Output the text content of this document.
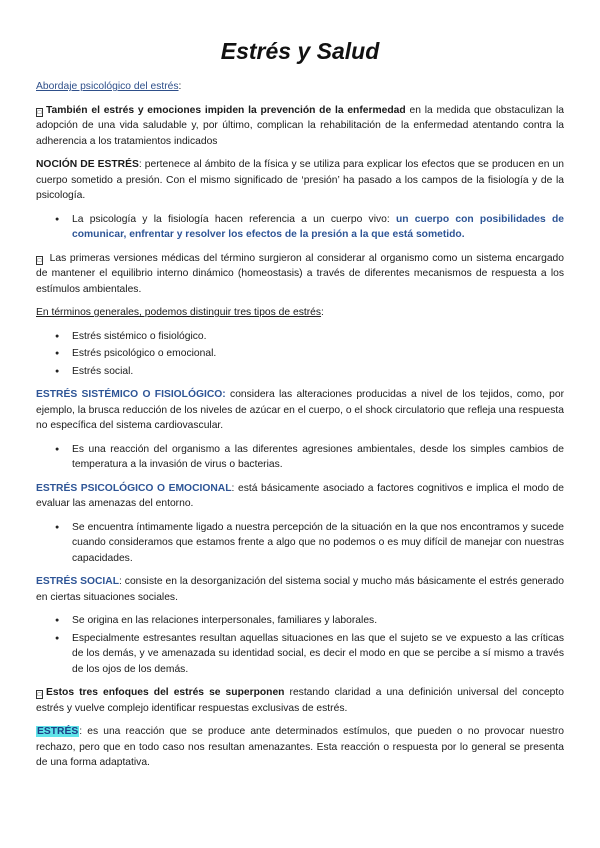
Estrés y Salud

Abordaje psicológico del estrés:

□ También el estrés y emociones impiden la prevención de la enfermedad en la medida que obstaculizan la adopción de una vida saludable y, por último, complican la rehabilitación de la enfermedad atentando contra la adherencia a los tratamientos indicados

NOCIÓN DE ESTRÉS: pertenece al ámbito de la física y se utiliza para explicar los efectos que se producen en un cuerpo sometido a presión. Con el mismo significado de ‘presión’ ha pasado a los campos de la fisiología y de la psicología.

● La psicología y la fisiología hacen referencia a un cuerpo vivo: un cuerpo con posibilidades de comunicar, enfrentar y resolver los efectos de la presión a la que está sometido.

□ Las primeras versiones médicas del término surgieron al considerar al organismo como un sistema encargado de mantener el equilibrio interno dinámico (homeostasis) a través de diferentes mecanismos de respuesta a los estímulos ambientales.

En términos generales, podemos distinguir tres tipos de estrés:

● Estrés sistémico o fisiológico.
● Estrés psicológico o emocional.
● Estrés social.

ESTRÉS SISTÉMICO O FISIOLÓGICO: considera las alteraciones producidas a nivel de los tejidos, como, por ejemplo, la brusca reducción de los niveles de azúcar en el cuerpo, o el shock circulatorio que refleja una respuesta no específica del sistema cardiovascular.

● Es una reacción del organismo a las diferentes agresiones ambientales, desde los simples cambios de temperatura a la invasión de virus o bacterias.

ESTRÉS PSICOLÓGICO O EMOCIONAL: está básicamente asociado a factores cognitivos e implica el modo de evaluar las amenazas del entorno.

● Se encuentra íntimamente ligado a nuestra percepción de la situación en la que nos encontramos y sucede cuando consideramos que estamos frente a algo que no podemos o es muy difícil de manejar con nuestras capacidades.

ESTRÉS SOCIAL: consiste en la desorganización del sistema social y mucho más básicamente el estrés generado en ciertas situaciones sociales.

● Se origina en las relaciones interpersonales, familiares y laborales.
● Especialmente estresantes resultan aquellas situaciones en las que el sujeto se ve expuesto a las críticas de los demás, y ve amenazada su identidad social, es decir el modo en que se percibe a sí mismo a través de los ojos de los demás.

□ Estos tres enfoques del estrés se superponen restando claridad a una definición universal del concepto estrés y vuelve complejo identificar respuestas exclusivas de estrés.

ESTRÉS: es una reacción que se produce ante determinados estímulos, que pueden o no provocar nuestro rechazo, pero que en todo caso nos resultan amenazantes. Esta reacción o respuesta por lo general se presenta de una forma adaptativa.
